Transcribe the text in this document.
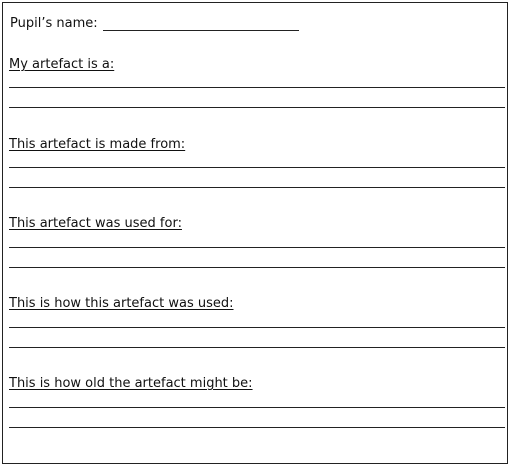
Pupil’s name:
My artefact is a:
This artefact is made from:
This artefact was used for:
This is how this artefact was used:
This is how old the artefact might be:
